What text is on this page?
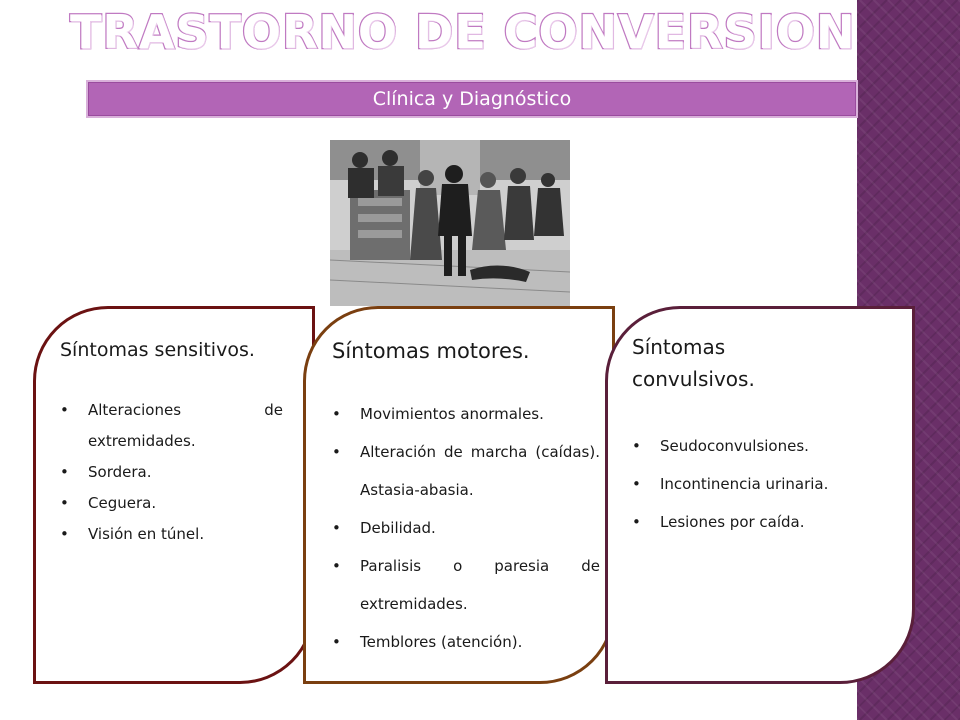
TRASTORNO DE CONVERSION
Clínica y Diagnóstico
Síntomas sensitivos.
• Alteraciones de extremidades.
• Sordera.
• Ceguera.
• Visión en túnel.
Síntomas motores.
• Movimientos anormales.
• Alteración de marcha (caídas). Astasia-abasia.
• Debilidad.
• Paralisis o paresia de extremidades.
• Temblores (atención).
Síntomas convulsivos.
• Seudoconvulsiones.
• Incontinencia urinaria.
• Lesiones por caída.
